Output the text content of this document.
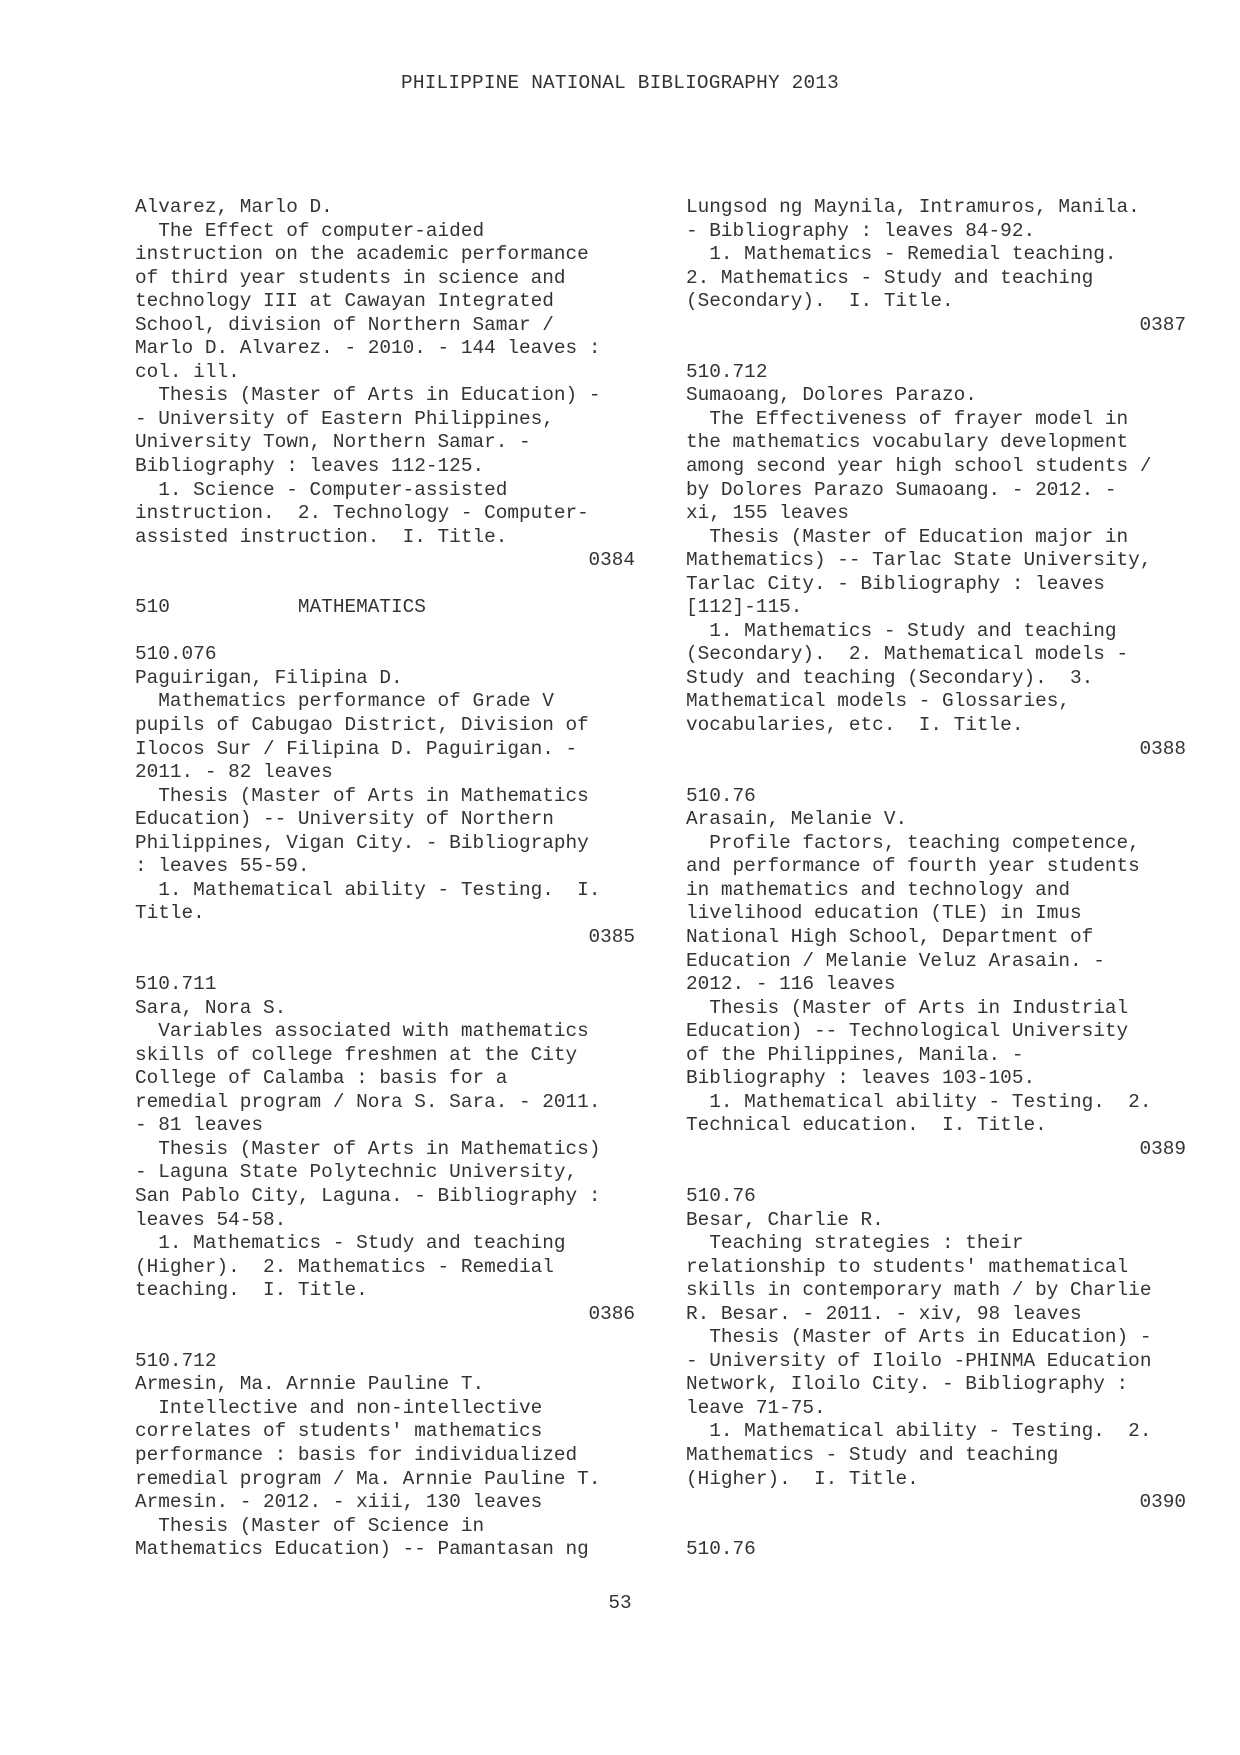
PHILIPPINE NATIONAL BIBLIOGRAPHY 2013
Alvarez, Marlo D.
The Effect of computer-aided
instruction on the academic performance
of third year students in science and
technology III at Cawayan Integrated
School, division of Northern Samar /
Marlo D. Alvarez. - 2010. - 144 leaves :
col. ill.
Thesis (Master of Arts in Education) -
- University of Eastern Philippines,
University Town, Northern Samar. -
Bibliography : leaves 112-125.
1. Science - Computer-assisted
instruction.  2. Technology - Computer-
assisted instruction.  I. Title.
0384
510           MATHEMATICS
510.076
Paguirigan, Filipina D.
Mathematics performance of Grade V
pupils of Cabugao District, Division of
Ilocos Sur / Filipina D. Paguirigan. -
2011. - 82 leaves
Thesis (Master of Arts in Mathematics
Education) -- University of Northern
Philippines, Vigan City. - Bibliography
: leaves 55-59.
1. Mathematical ability - Testing.  I.
Title.
0385
510.711
Sara, Nora S.
Variables associated with mathematics
skills of college freshmen at the City
College of Calamba : basis for a
remedial program / Nora S. Sara. - 2011.
- 81 leaves
Thesis (Master of Arts in Mathematics)
- Laguna State Polytechnic University,
San Pablo City, Laguna. - Bibliography :
leaves 54-58.
1. Mathematics - Study and teaching
(Higher).  2. Mathematics - Remedial
teaching.  I. Title.
0386
510.712
Armesin, Ma. Arnnie Pauline T.
Intellective and non-intellective
correlates of students' mathematics
performance : basis for individualized
remedial program / Ma. Arnnie Pauline T.
Armesin. - 2012. - xiii, 130 leaves
Thesis (Master of Science in
Mathematics Education) -- Pamantasan ng
Lungsod ng Maynila, Intramuros, Manila.
- Bibliography : leaves 84-92.
1. Mathematics - Remedial teaching.
2. Mathematics - Study and teaching
(Secondary).  I. Title.
0387
510.712
Sumaoang, Dolores Parazo.
The Effectiveness of frayer model in
the mathematics vocabulary development
among second year high school students /
by Dolores Parazo Sumaoang. - 2012. -
xi, 155 leaves
Thesis (Master of Education major in
Mathematics) -- Tarlac State University,
Tarlac City. - Bibliography : leaves
[112]-115.
1. Mathematics - Study and teaching
(Secondary).  2. Mathematical models -
Study and teaching (Secondary).  3.
Mathematical models - Glossaries,
vocabularies, etc.  I. Title.
0388
510.76
Arasain, Melanie V.
Profile factors, teaching competence,
and performance of fourth year students
in mathematics and technology and
livelihood education (TLE) in Imus
National High School, Department of
Education / Melanie Veluz Arasain. -
2012. - 116 leaves
Thesis (Master of Arts in Industrial
Education) -- Technological University
of the Philippines, Manila. -
Bibliography : leaves 103-105.
1. Mathematical ability - Testing.  2.
Technical education.  I. Title.
0389
510.76
Besar, Charlie R.
Teaching strategies : their
relationship to students' mathematical
skills in contemporary math / by Charlie
R. Besar. - 2011. - xiv, 98 leaves
Thesis (Master of Arts in Education) -
- University of Iloilo -PHINMA Education
Network, Iloilo City. - Bibliography :
leave 71-75.
1. Mathematical ability - Testing.  2.
Mathematics - Study and teaching
(Higher).  I. Title.
0390
510.76
53
